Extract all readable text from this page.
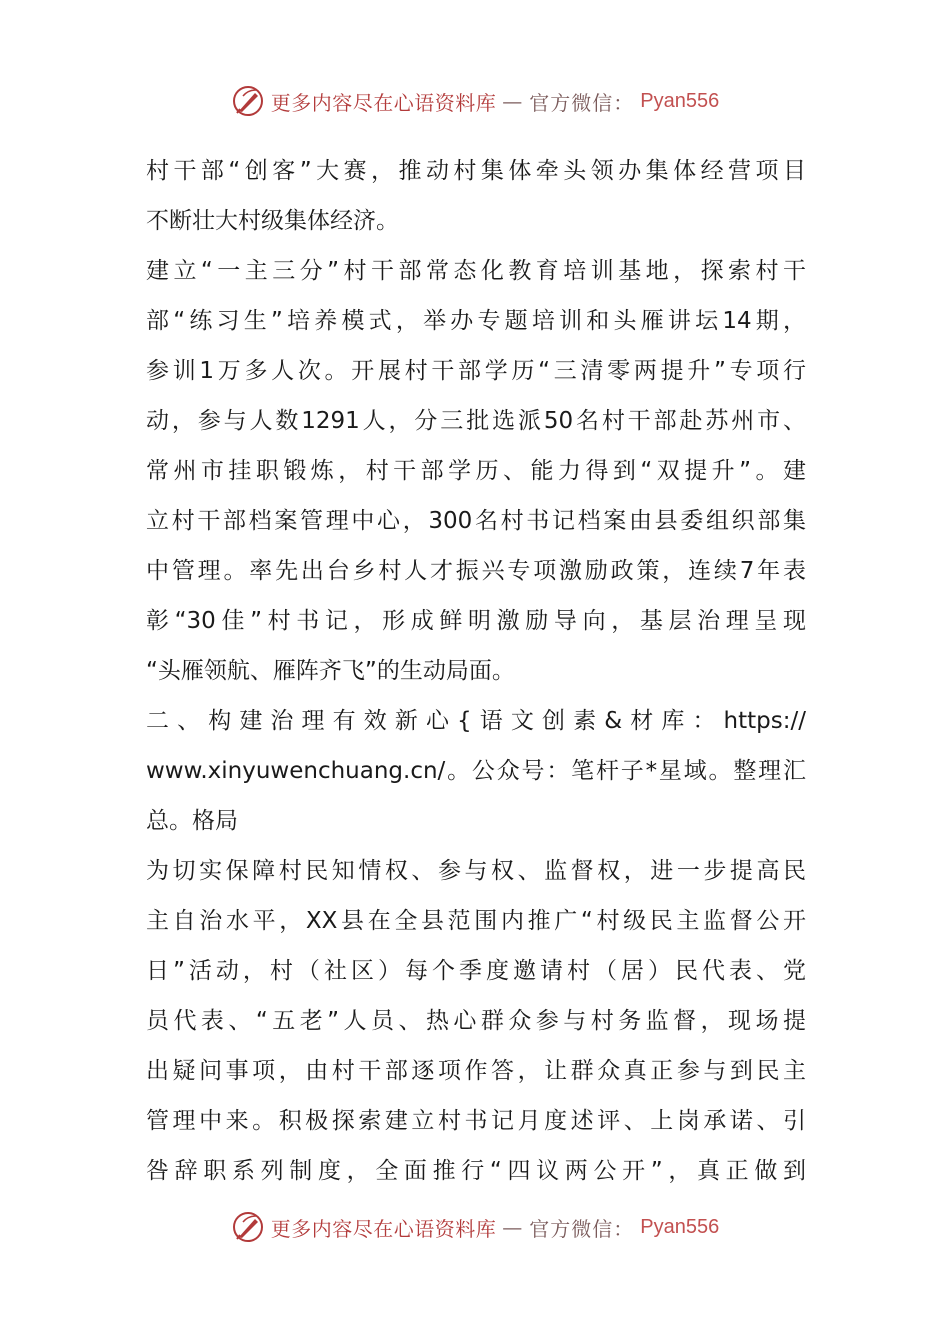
更多内容尽在心语资料库 — 官方微信： Pyan556
村干部“创客”大赛，推动村集体牵头领办集体经营项目
不断壮大村级集体经济。
建立“一主三分”村干部常态化教育培训基地，探索村干
部“练习生”培养模式，举办专题培训和头雁讲坛14期，
参训1万多人次。开展村干部学历“三清零两提升”专项行
动，参与人数1291人，分三批选派50名村干部赴苏州市、
常州市挂职锻炼，村干部学历、能力得到“双提升”。建
立村干部档案管理中心，300名村书记档案由县委组织部集
中管理。率先出台乡村人才振兴专项激励政策，连续7年表
彰“30佳”村书记，形成鲜明激励导向，基层治理呈现
“头雁领航、雁阵齐飞”的生动局面。
二、构建治理有效新心{语文创素&材库：https://
www.xinyuwenchuang.cn/。公众号：笔杆子*星域。整理汇
总。格局
为切实保障村民知情权、参与权、监督权，进一步提高民
主自治水平，XX县在全县范围内推广“村级民主监督公开
日”活动，村（社区）每个季度邀请村（居）民代表、党
员代表、“五老”人员、热心群众参与村务监督，现场提
出疑问事项，由村干部逐项作答，让群众真正参与到民主
管理中来。积极探索建立村书记月度述评、上岗承诺、引
咎辞职系列制度，全面推行“四议两公开”，真正做到
更多内容尽在心语资料库 — 官方微信： Pyan556
